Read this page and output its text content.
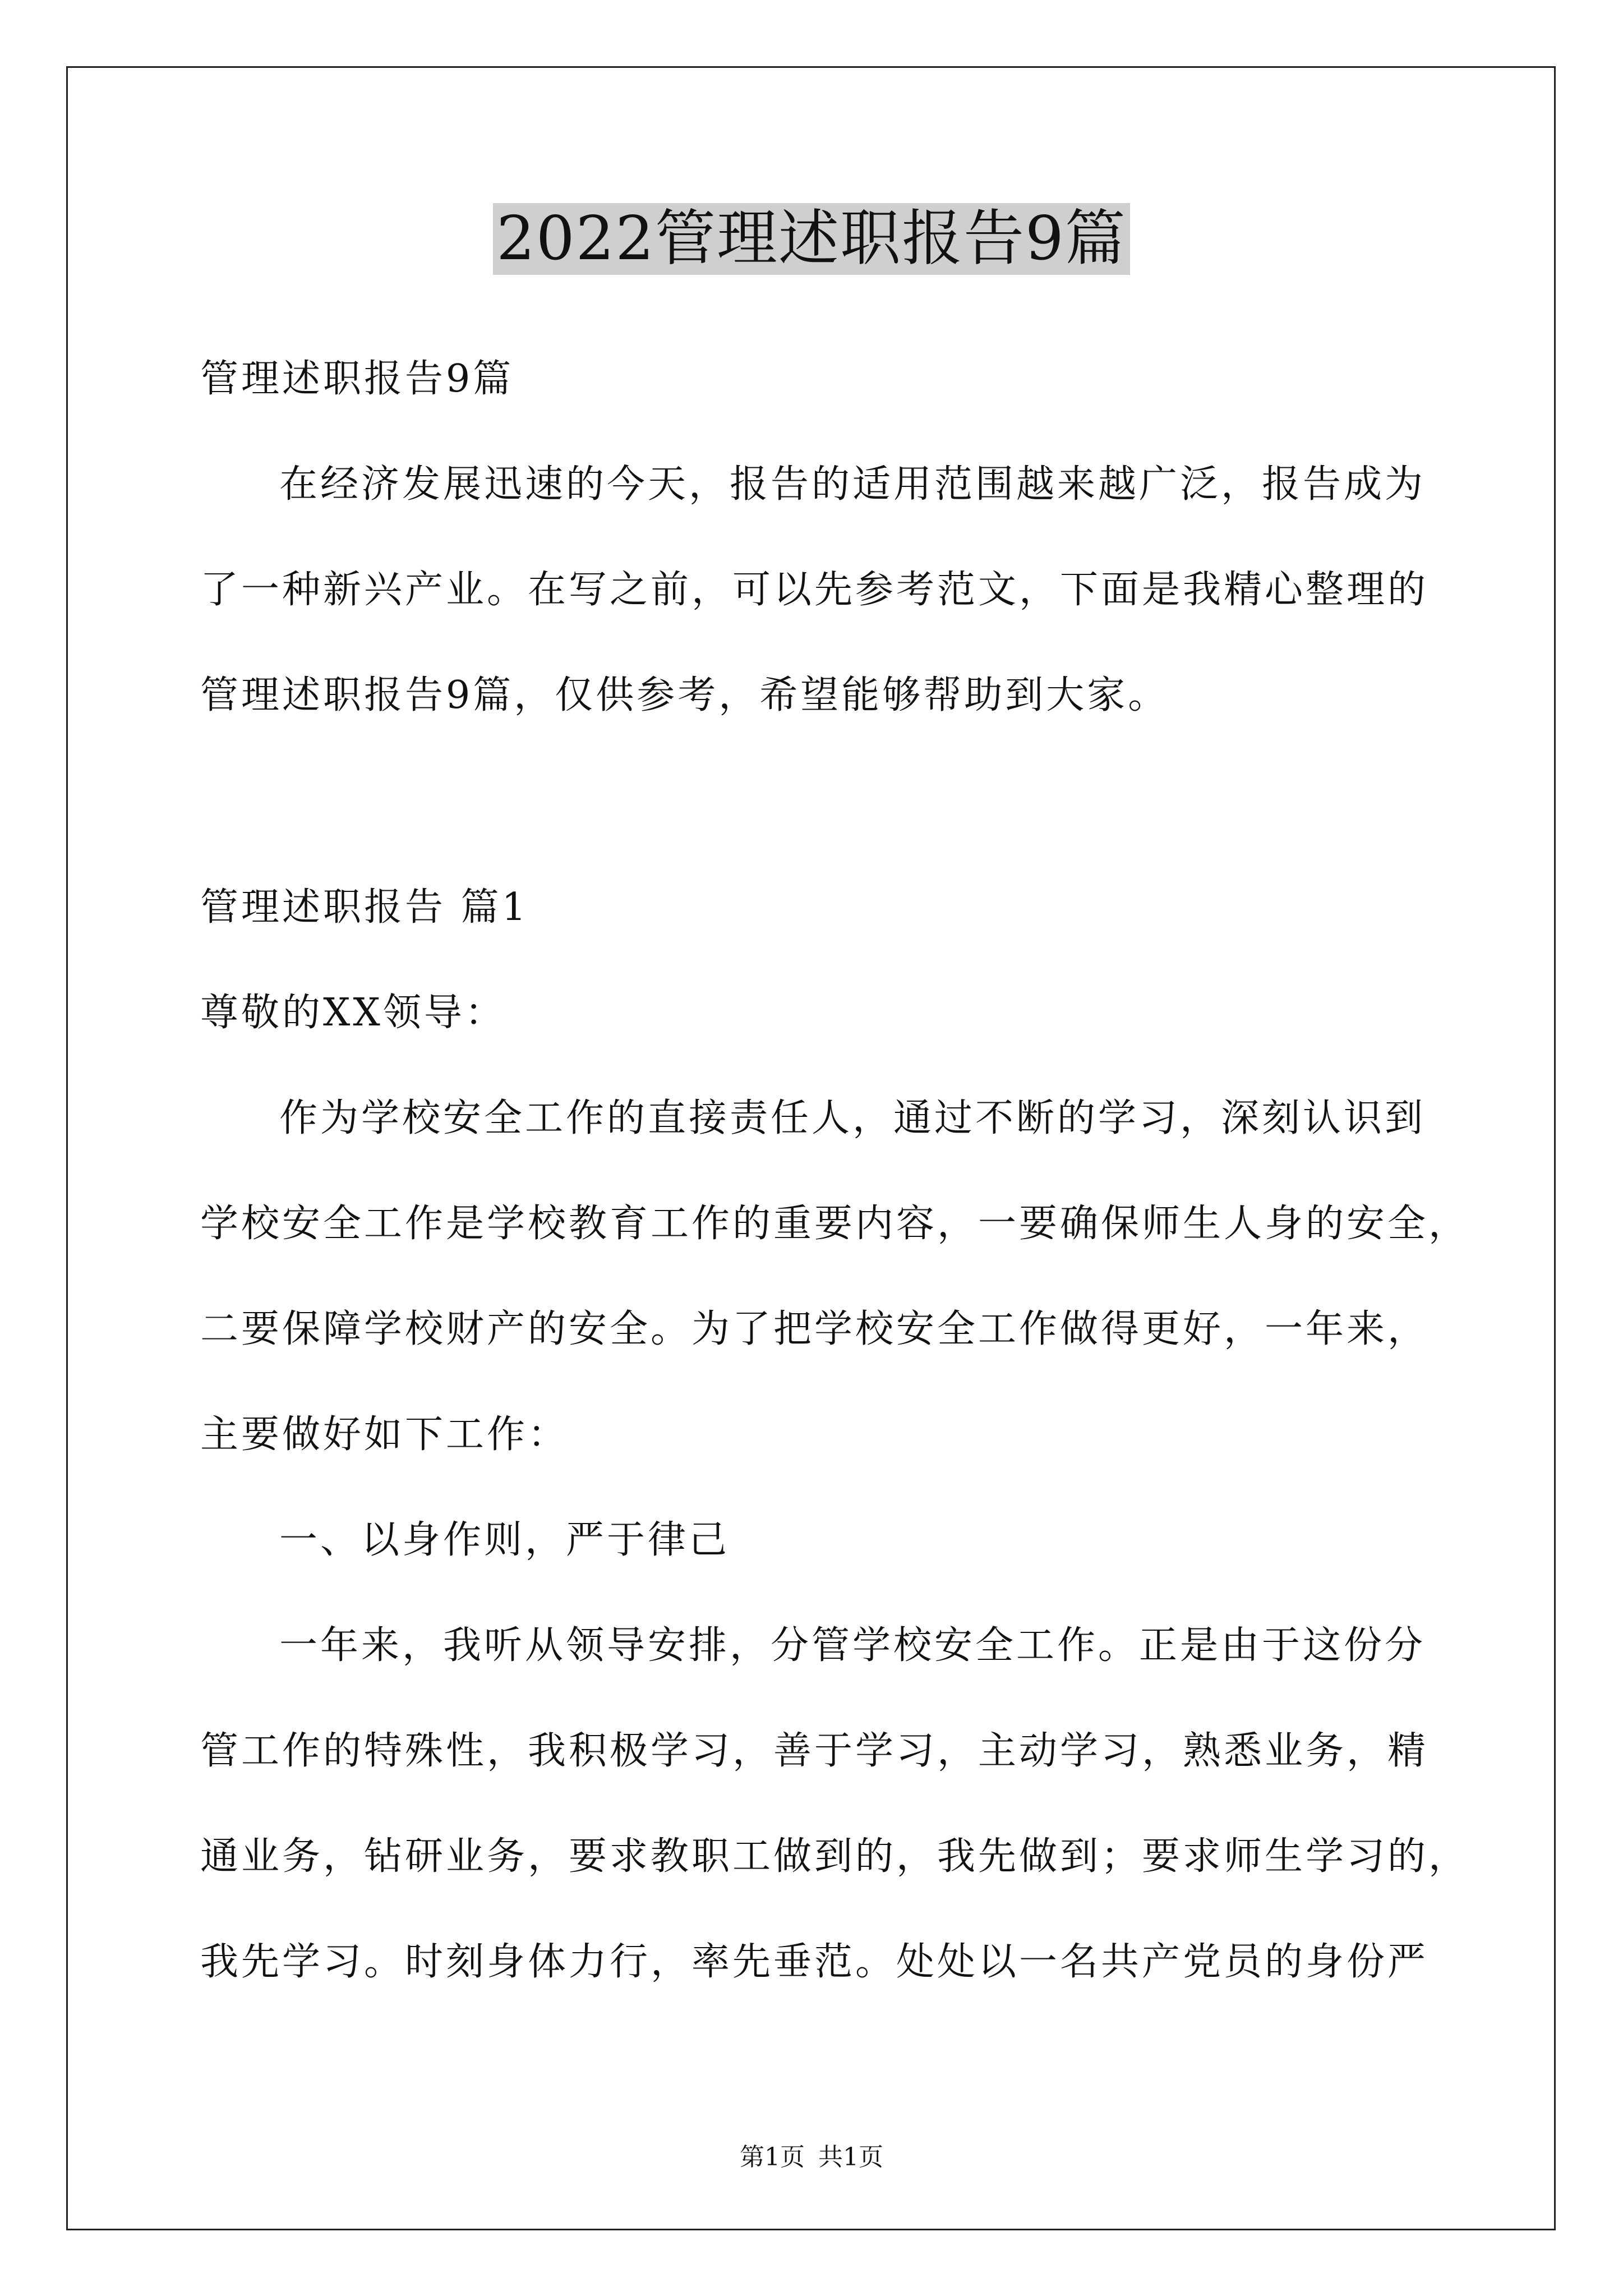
2022管理述职报告9篇
管理述职报告9篇
在经济发展迅速的今天，报告的适用范围越来越广泛，报告成为
了一种新兴产业。在写之前，可以先参考范文，下面是我精心整理的
管理述职报告9篇，仅供参考，希望能够帮助到大家。
管理述职报告 篇1
尊敬的XX领导：
作为学校安全工作的直接责任人，通过不断的学习，深刻认识到
学校安全工作是学校教育工作的重要内容，一要确保师生人身的安全，
二要保障学校财产的安全。为了把学校安全工作做得更好，一年来，
主要做好如下工作：
一、以身作则，严于律己
一年来，我听从领导安排，分管学校安全工作。正是由于这份分
管工作的特殊性，我积极学习，善于学习，主动学习，熟悉业务，精
通业务，钻研业务，要求教职工做到的，我先做到；要求师生学习的，
我先学习。时刻身体力行，率先垂范。处处以一名共产党员的身份严
第1页 共1页
